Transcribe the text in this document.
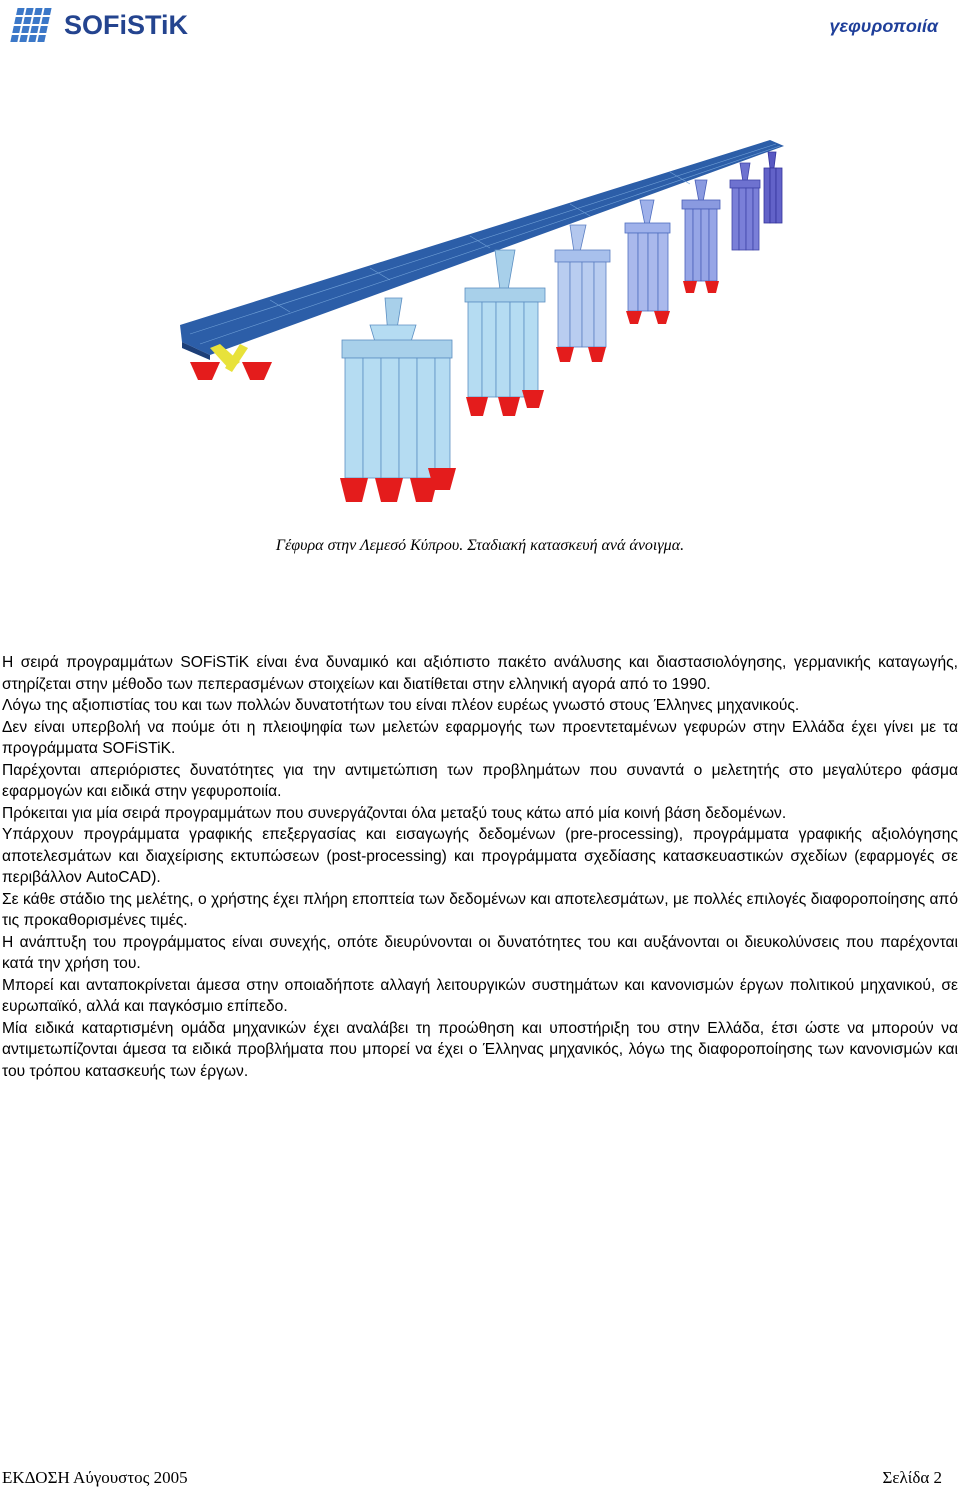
SOFiSTiK	γεφυροποιία
Γέφυρα στην Λεμεσό Κύπρου. Σταδιακή κατασκευή ανά άνοιγμα.

Η σειρά προγραμμάτων SOFiSTiK είναι ένα δυναμικό και αξιόπιστο πακέτο ανάλυσης και διαστασιολόγησης, γερμανικής καταγωγής, στηρίζεται στην μέθοδο των πεπερασμένων στοιχείων και διατίθεται στην ελληνική αγορά από το 1990.

Λόγω της αξιοπιστίας του και των πολλών δυνατοτήτων του είναι πλέον ευρέως γνωστό στους Έλληνες μηχανικούς.

Δεν είναι υπερβολή να πούμε ότι η πλειοψηφία των μελετών εφαρμογής των προεντεταμένων γεφυρών στην Ελλάδα έχει γίνει με τα προγράμματα SOFiSTiK.

Παρέχονται απεριόριστες δυνατότητες για την αντιμετώπιση των προβλημάτων που συναντά ο μελετητής στο μεγαλύτερο φάσμα εφαρμογών και ειδικά στην γεφυροποιία.

Πρόκειται για μία σειρά προγραμμάτων που συνεργάζονται όλα μεταξύ τους κάτω από μία κοινή βάση δεδομένων.

Υπάρχουν προγράμματα γραφικής επεξεργασίας και εισαγωγής δεδομένων (pre-processing), προγράμματα γραφικής αξιολόγησης αποτελεσμάτων και διαχείρισης εκτυπώσεων (post-processing) και προγράμματα σχεδίασης κατασκευαστικών σχεδίων (εφαρμογές σε περιβάλλον AutoCAD).

Σε κάθε στάδιο της μελέτης, ο χρήστης έχει πλήρη εποπτεία των δεδομένων και αποτελεσμάτων, με πολλές επιλογές διαφοροποίησης από τις προκαθορισμένες τιμές.

Η ανάπτυξη του προγράμματος είναι συνεχής, οπότε διευρύνονται οι δυνατότητες του και αυξάνονται οι διευκολύνσεις που παρέχονται κατά την χρήση του.

Μπορεί και ανταποκρίνεται άμεσα στην οποιαδήποτε αλλαγή λειτουργικών συστημάτων και κανονισμών έργων πολιτικού μηχανικού, σε ευρωπαϊκό, αλλά και παγκόσμιο επίπεδο.

Μία ειδικά καταρτισμένη ομάδα μηχανικών έχει αναλάβει τη προώθηση και υποστήριξη του στην Ελλάδα, έτσι ώστε να μπορούν να αντιμετωπίζονται άμεσα τα ειδικά προβλήματα που μπορεί να έχει ο Έλληνας μηχανικός, λόγω της διαφοροποίησης των κανονισμών και του τρόπου κατασκευής των έργων.

ΕΚΔΟΣΗ Αύγουστος 2005	Σελίδα 2
